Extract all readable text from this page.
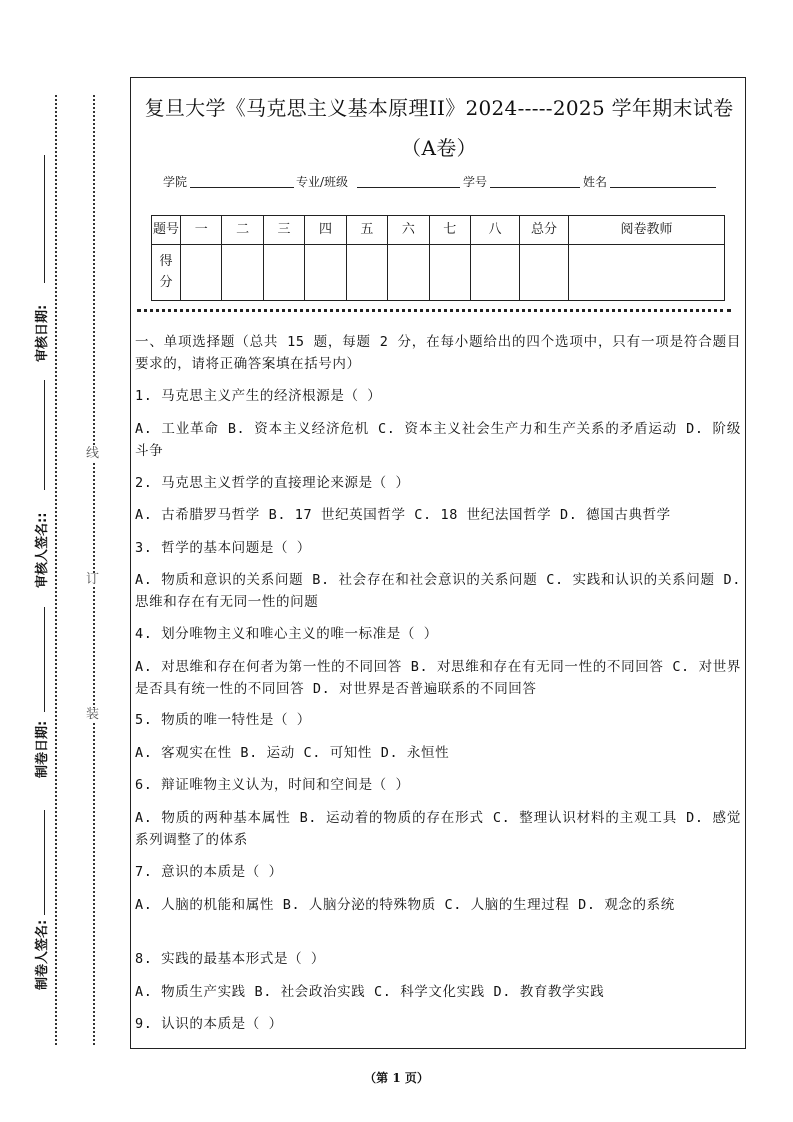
审核日期:
审核人签名::
制卷日期:
制卷人签名:
线
订
装
复旦大学《马克思主义基本原理II》2024-----2025 学年期末试卷（A卷）
学院	专业/班级	学号	姓名
题号	一	二	三	四	五	六	七	八	总分	阅卷教师
得分										
一、单项选择题（总共 15 题，每题 2 分，在每小题给出的四个选项中，只有一项是符合题目要求的，请将正确答案填在括号内）
1. 马克思主义产生的经济根源是（ ）
A. 工业革命 B. 资本主义经济危机 C. 资本主义社会生产力和生产关系的矛盾运动 D. 阶级斗争
2. 马克思主义哲学的直接理论来源是（ ）
A. 古希腊罗马哲学 B. 17 世纪英国哲学 C. 18 世纪法国哲学 D. 德国古典哲学
3. 哲学的基本问题是（ ）
A. 物质和意识的关系问题 B. 社会存在和社会意识的关系问题 C. 实践和认识的关系问题 D. 思维和存在有无同一性的问题
4. 划分唯物主义和唯心主义的唯一标准是（ ）
A. 对思维和存在何者为第一性的不同回答 B. 对思维和存在有无同一性的不同回答 C. 对世界是否具有统一性的不同回答 D. 对世界是否普遍联系的不同回答
5. 物质的唯一特性是（ ）
A. 客观实在性 B. 运动 C. 可知性 D. 永恒性
6. 辩证唯物主义认为，时间和空间是（ ）
A. 物质的两种基本属性 B. 运动着的物质的存在形式 C. 整理认识材料的主观工具 D. 感觉系列调整了的体系
7. 意识的本质是（ ）
A. 人脑的机能和属性 B. 人脑分泌的特殊物质 C. 人脑的生理过程 D. 观念的系统
8. 实践的最基本形式是（ ）
A. 物质生产实践 B. 社会政治实践 C. 科学文化实践 D. 教育教学实践
9. 认识的本质是（ ）
（第 1 页）
